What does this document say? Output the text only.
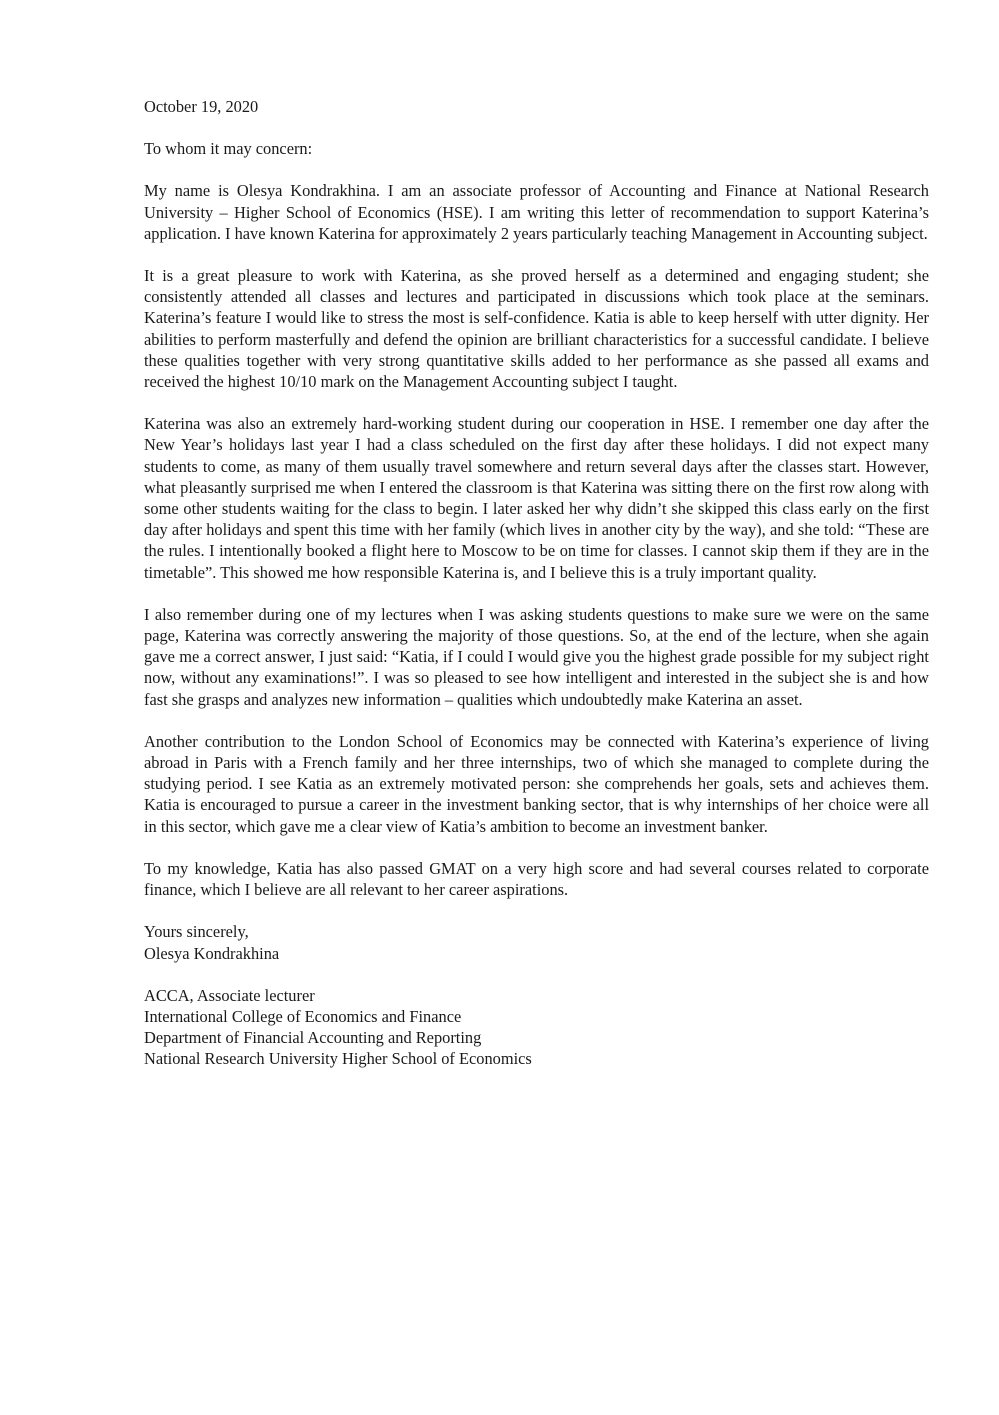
October 19, 2020
To whom it may concern:

My name is Olesya Kondrakhina. I am an associate professor of Accounting and Finance at National Research University – Higher School of Economics (HSE). I am writing this letter of recommendation to support Katerina’s application. I have known Katerina for approximately 2 years particularly teaching Management in Accounting subject.

It is a great pleasure to work with Katerina, as she proved herself as a determined and engaging student; she consistently attended all classes and lectures and participated in discussions which took place at the seminars. Katerina’s feature I would like to stress the most is self-confidence. Katia is able to keep herself with utter dignity. Her abilities to perform masterfully and defend the opinion are brilliant characteristics for a successful candidate. I believe these qualities together with very strong quantitative skills added to her performance as she passed all exams and received the highest 10/10 mark on the Management Accounting subject I taught.

Katerina was also an extremely hard-working student during our cooperation in HSE. I remember one day after the New Year’s holidays last year I had a class scheduled on the first day after these holidays. I did not expect many students to come, as many of them usually travel somewhere and return several days after the classes start. However, what pleasantly surprised me when I entered the classroom is that Katerina was sitting there on the first row along with some other students waiting for the class to begin. I later asked her why didn’t she skipped this class early on the first day after holidays and spent this time with her family (which lives in another city by the way), and she told: “These are the rules. I intentionally booked a flight here to Moscow to be on time for classes. I cannot skip them if they are in the timetable”. This showed me how responsible Katerina is, and I believe this is a truly important quality.

I also remember during one of my lectures when I was asking students questions to make sure we were on the same page, Katerina was correctly answering the majority of those questions. So, at the end of the lecture, when she again gave me a correct answer, I just said: “Katia, if I could I would give you the highest grade possible for my subject right now, without any examinations!”. I was so pleased to see how intelligent and interested in the subject she is and how fast she grasps and analyzes new information – qualities which undoubtedly make Katerina an asset.

Another contribution to the London School of Economics may be connected with Katerina’s experience of living abroad in Paris with a French family and her three internships, two of which she managed to complete during the studying period. I see Katia as an extremely motivated person: she comprehends her goals, sets and achieves them. Katia is encouraged to pursue a career in the investment banking sector, that is why internships of her choice were all in this sector, which gave me a clear view of Katia’s ambition to become an investment banker.

To my knowledge, Katia has also passed GMAT on a very high score and had several courses related to corporate finance, which I believe are all relevant to her career aspirations.

Yours sincerely,
Olesya Kondrakhina
ACCA, Associate lecturer
International College of Economics and Finance
Department of Financial Accounting and Reporting
National Research University Higher School of Economics
